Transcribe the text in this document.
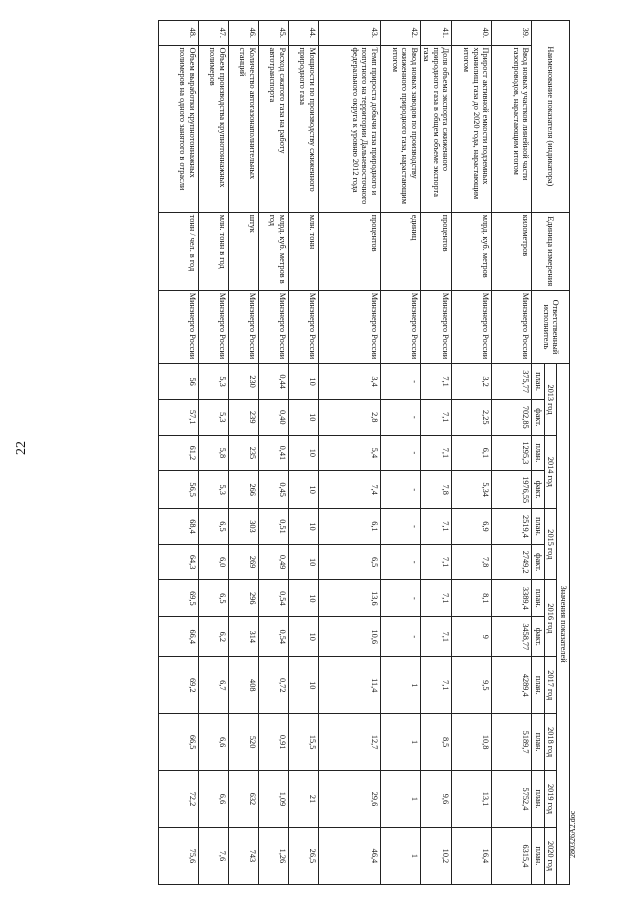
22
280326A2.doc
Наименование показателя (индикатора)		Единица измерения	Ответственный исполнитель	Значения показателей											
				2013 год		2014 год		2015 год		2016 год		2017 год	2018 год	2019 год	2020 год
				план.	факт.	план.	факт.	план.	факт.	план.	факт.	план.	план.	план.	план.
39.	Ввод новых участков линейной части газопроводов, нарастающим итогом	километров	Минэнерго России	375,77	702,85	1295,3	1976,55	2519,4	2749,2	3389,4	3458,77	4289,4	5189,7	5752,4	6315,4
40.	Прирост активной емкости подземных хранилищ газа до 2020 года, нарастающим итогом	млрд. куб. метров	Минэнерго России	3,2	2,25	6,1	5,34	6,9	7,8	8,1	9	9,5	10,8	13,1	16,4
41.	Доля объема экспорта сжиженного природного газа в общем объеме экспорта газа	процентов	Минэнерго России	7,1	7,1	7,1	7,8	7,1	7,1	7,1	7,1	7,1	8,5	9,6	10,2
42.	Ввод новых заводов по производству сжиженного природного газа, нарастающим итогом	единиц	Минэнерго России	-	-	-	-	-	-	-	-	1	1	1	1
43.	Темп прироста добычи газа природного и попутного на территории Дальневосточного федерального округа к уровню 2012 года	процентов	Минэнерго России	3,4	2,8	5,4	7,4	6,1	6,5	13,6	10,6	11,4	12,7	29,6	46,4
44.	Мощности по производству сжиженного природного газа	млн. тонн	Минэнерго России	10	10	10	10	10	10	10	10	10	15,5	21	26,5
45.	Расход сжатого газа на работу автотранспорта	млрд. куб. метров в год	Минэнерго России	0,44	0,40	0,41	0,45	0,51	0,49	0,54	0,54	0,72	0,91	1,09	1,26
46.	Количество автогазонаполнительных станций	штук	Минэнерго России	230	239	235	266	303	269	296	314	408	520	632	743
47.	Объем производства крупнотоннажных полимеров	млн. тонн в год	Минэнерго России	5,3	5,3	5,8	5,3	6,5	6,0	6,5	6,2	6,7	6,6	6,6	7,6
48.	Объем выработки крупнотоннажных полимеров на одного занятого в отрасли	тонн / чел. в год	Минэнерго России	56	57,1	61,2	56,5	68,4	64,3	69,5	66,4	69,2	66,5	72,2	75,6
